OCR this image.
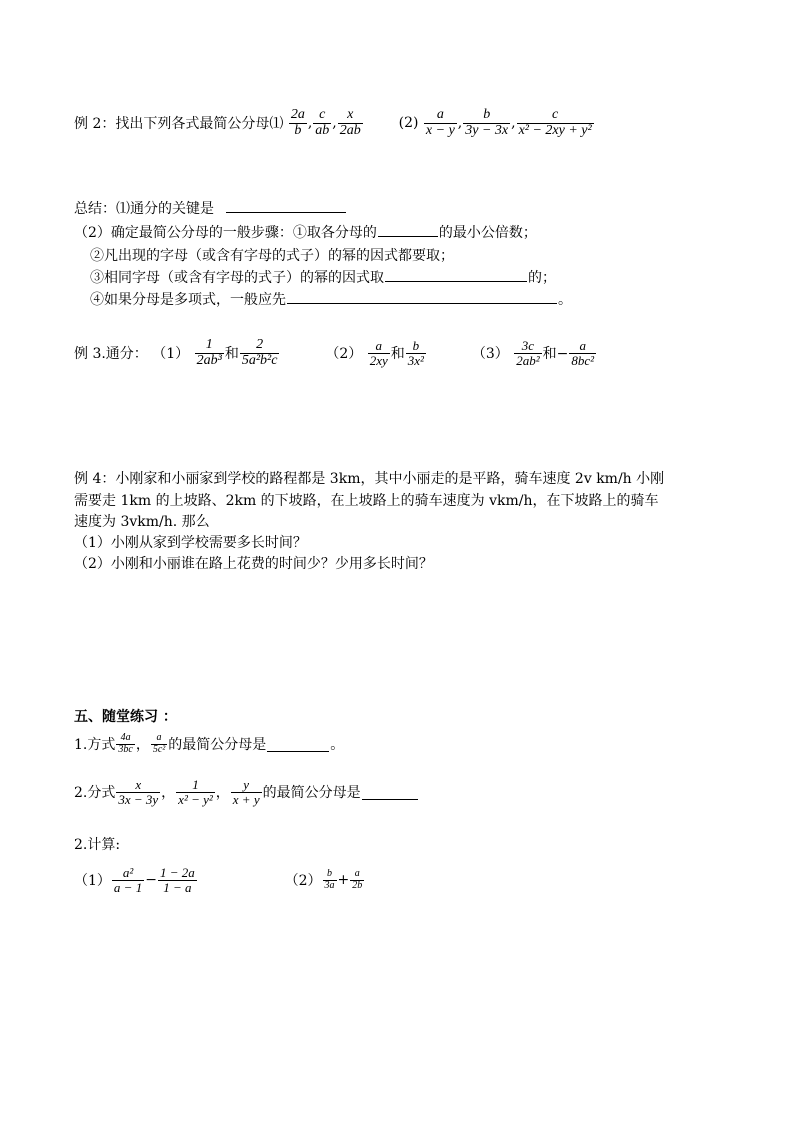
例 2：找出下列各式最简公分母⑴ $\frac{2a}{b}$ , $\frac{c}{ab}$ , $\frac{x}{2ab}$	$(2) \frac{a}{x - y}$ , $\frac{b}{3y - 3x}$ , $\frac{c}{\text{x² − 2xy + y²}}$
总结：⑴通分的关键是
（2）确定最简公分母的一般步骤：①取各分母的	的最小公倍数；
②凡出现的字母（或含有字母的式子）的幂的因式都要取；
③相同字母（或含有字母的式子）的幂的因式取	的；
④如果分母是多项式，一般应先	。
例 3.通分： $(1) \frac{1}{\text{2ab³}}$ 和 $\frac{2}{\text{5a²b²c}}$	$(2) \frac{a}{2xy}$ 和 $\frac{b}{\text{3x²}}$	$(3) \frac{3c}{\text{2ab²}}$ 和− $\frac{a}{\text{8bc²}}$
例 4：小刚家和小丽家到学校的路程都是 3km，其中小丽走的是平路，骑车速度 2v km/h 小刚
需要走 1km 的上坡路、2km 的下坡路，在上坡路上的骑车速度为 vkm/h，在下坡路上的骑车
速度为 3vkm/h. 那么
（1）小刚从家到学校需要多长时间？
（2）小刚和小丽谁在路上花费的时间少？少用多长时间？
五、随堂练习 ：
1.方式 $\frac{4a}{3bc}$ ， $\frac{a}{\text{5c²}}$ 的最简公分母是	。
2.分式 $\frac{x}{3x - 3y}$ ， $\frac{1}{\text{x² − y²}}$ ， $\frac{y}{x + y}$ 的最简公分母是
2.计算:
$(1) \frac{\text{a²}}{a - 1} - \frac{1 - 2a}{1 - a}$	$(2) \frac{b}{3a} + \frac{a}{2b}$
